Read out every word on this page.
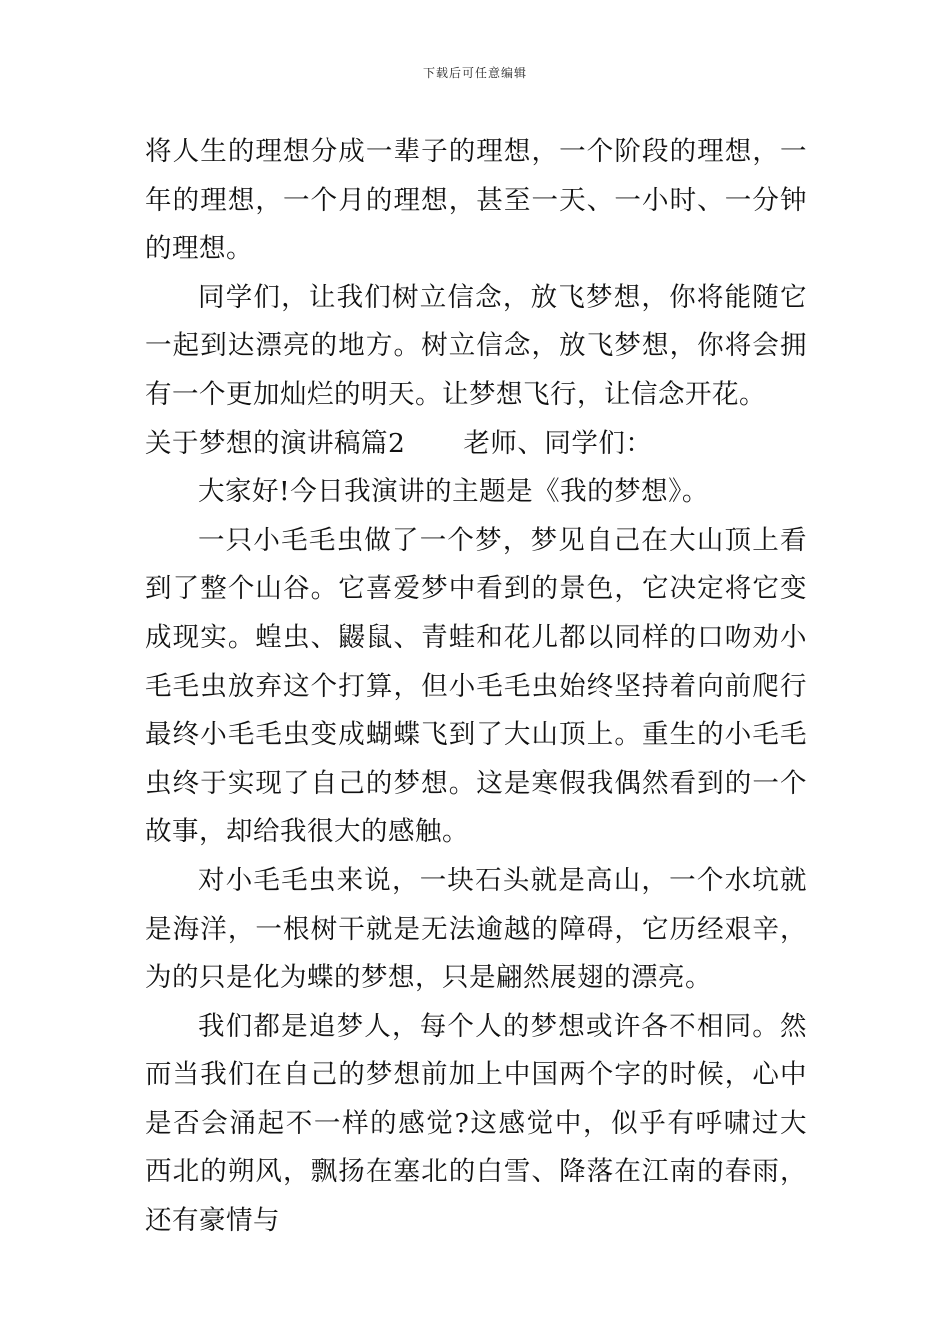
下载后可任意编辑

将人生的理想分成一辈子的理想，一个阶段的理想，一年的理想，一个月的理想，甚至一天、一小时、一分钟的理想。

同学们，让我们树立信念，放飞梦想，你将能随它一起到达漂亮的地方。树立信念，放飞梦想，你将会拥有一个更加灿烂的明天。让梦想飞行，让信念开花。

关于梦想的演讲稿篇2 老师、同学们：

大家好!今日我演讲的主题是《我的梦想》。

一只小毛毛虫做了一个梦，梦见自己在大山顶上看到了整个山谷。它喜爱梦中看到的景色，它决定将它变成现实。蝗虫、鼹鼠、青蛙和花儿都以同样的口吻劝小毛毛虫放弃这个打算，但小毛毛虫始终坚持着向前爬行最终小毛毛虫变成蝴蝶飞到了大山顶上。重生的小毛毛虫终于实现了自己的梦想。这是寒假我偶然看到的一个故事，却给我很大的感触。

对小毛毛虫来说，一块石头就是高山，一个水坑就是海洋，一根树干就是无法逾越的障碍，它历经艰辛，为的只是化为蝶的梦想，只是翩然展翅的漂亮。

我们都是追梦人，每个人的梦想或许各不相同。然而当我们在自己的梦想前加上中国两个字的时候，心中是否会涌起不一样的感觉?这感觉中，似乎有呼啸过大西北的朔风，飘扬在塞北的白雪、降落在江南的春雨，还有豪情与
